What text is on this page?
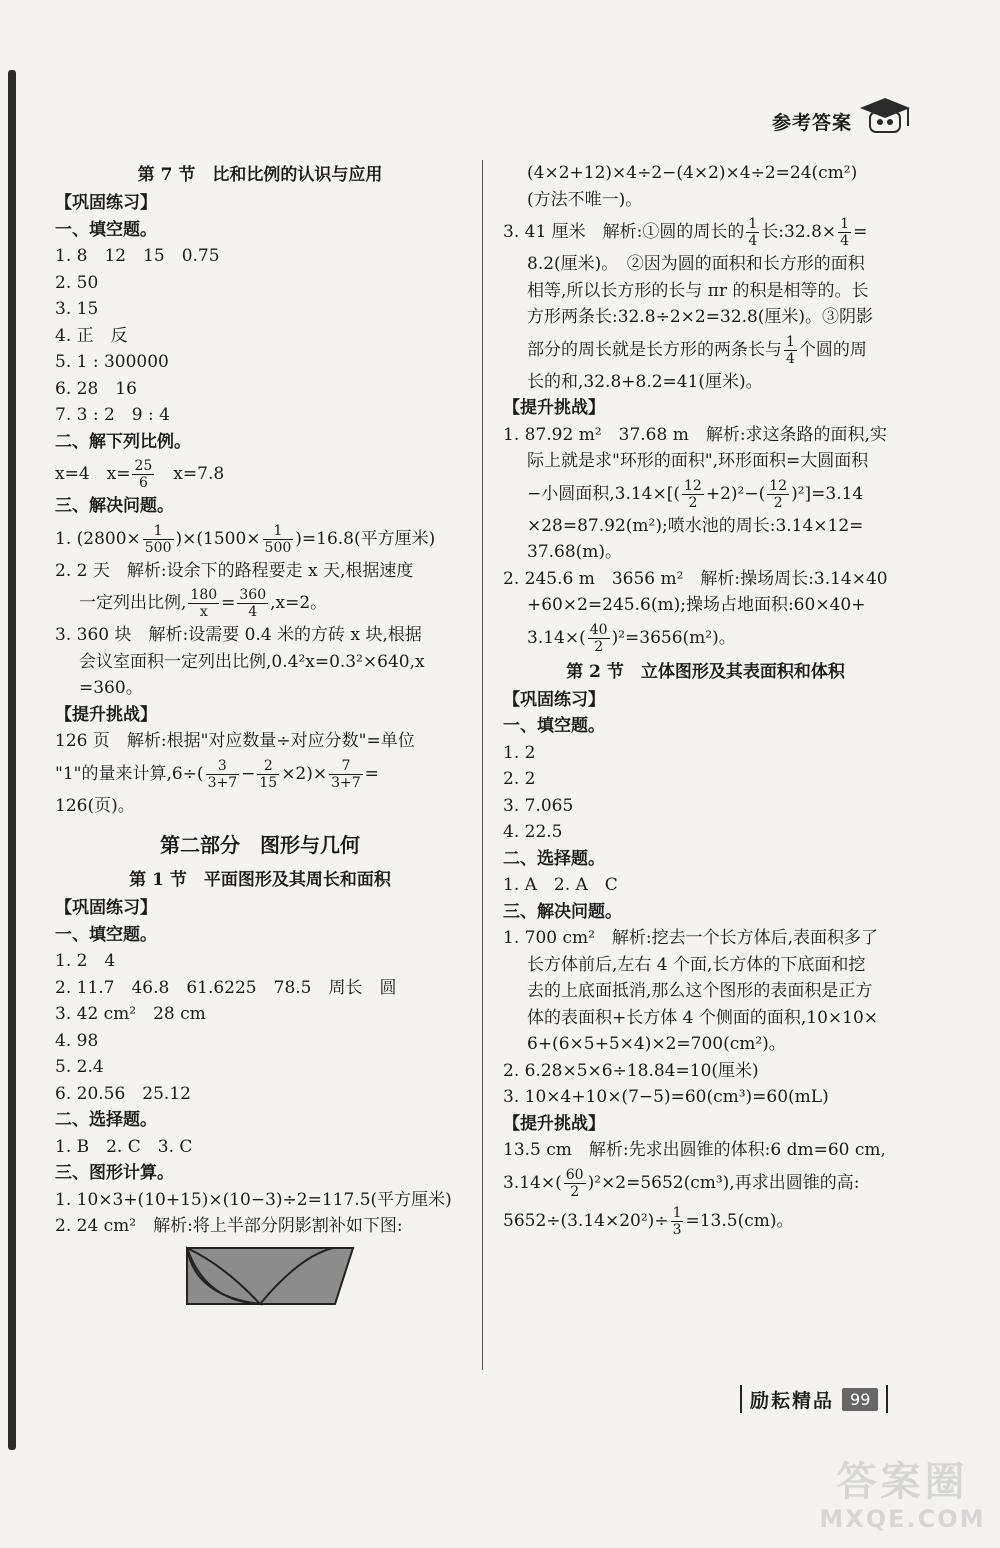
参考答案
第 7 节　比和比例的认识与应用
【巩固练习】
一、填空题。
1. 8　12　15　0.75
2. 50
3. 15
4. 正　反
5. 1 : 300000
6. 28　16
7. 3 : 2　9 : 4
二、解下列比例。
x=4　$x= \frac{25}{6}$ 　x=7.8
三、解决问题。
1. $(2800\times \frac{1}{500} )\times(1500\times \frac{1}{500} )=16.8$(平方厘米)
2. 2 天　解析:设余下的路程要走 x 天,根据速度
一定列出比例, $\frac{180}{x} = \frac{360}{4} ,x=2$。
3. 360 块　解析:设需要 0.4 米的方砖 x 块,根据
会议室面积一定列出比例,0.4²x=0.3²×640,x
=360。
【提升挑战】
126 页　解析:根据"对应数量÷对应分数"=单位
"1"的量来计算$,6\div( \frac{3}{3+7} - \frac{2}{15} \times 2)\times \frac{7}{3+7}$ =
126(页)。
第二部分　图形与几何
第 1 节　平面图形及其周长和面积
【巩固练习】
一、填空题。
1. 2　4
2. 11.7　46.8　61.6225　78.5　周长　圆
3. 42 cm²　28 cm
4. 98
5. 2.4
6. 20.56　25.12
二、选择题。
1. B　2. C　3. C
三、图形计算。
1. 10×3+(10+15)×(10−3)÷2=117.5(平方厘米)
2. 24 cm²　解析:将上半部分阴影割补如下图:
(4×2+12)×4÷2−(4×2)×4÷2=24(cm²)
(方法不唯一)。
3. 41 厘米　解析:①圆的周长的 $\frac{1}{4}$ 长:32.8× $\frac{1}{4}$ =
8.2(厘米)。　②因为圆的面积和长方形的面积
相等,所以长方形的长与 πr 的积是相等的。长
方形两条长:32.8÷2×2=32.8(厘米)。③阴影
部分的周长就是长方形的两条长与 $\frac{1}{4}$ 个圆的周
长的和,32.8+8.2=41(厘米)。
【提升挑战】
1. 87.92 m²　37.68 m　解析:求这条路的面积,实
际上就是求"环形的面积",环形面积=大圆面积
−小圆面积$,3.14\times[( \frac{12}{2} +2)^2-( \frac{12}{2} )^2]=3.14$
×28=87.92(m²);喷水池的周长:3.14×12=
37.68(m)。
2. 245.6 m　3656 m²　解析:操场周长:3.14×40
+60×2=245.6(m);操场占地面积:60×40+
$3.14\times( \frac{40}{2} )^2=3656(m^2)$。
第 2 节　立体图形及其表面积和体积
【巩固练习】
一、填空题。
1. 2
2. 2
3. 7.065
4. 22.5
二、选择题。
1. A　2. A　C
三、解决问题。
1. 700 cm²　解析:挖去一个长方体后,表面积多了
长方体前后,左右 4 个面,长方体的下底面和挖
去的上底面抵消,那么这个图形的表面积是正方
体的表面积+长方体 4 个侧面的面积,10×10×
6+(6×5+5×4)×2=700(cm²)。
2. 6.28×5×6÷18.84=10(厘米)
3. 10×4+10×(7−5)=60(cm³)=60(mL)
【提升挑战】
13.5 cm　解析:先求出圆锥的体积:6 dm=60 cm,
$3.14\times( \frac{60}{2} )^2\times 2=5652(cm^3)$,再求出圆锥的高:
$5652\div(3.14\times 20^2)\div \frac{1}{3} =13.5(cm)$。
励耘精品	99
答案圈
MXQE.COM
